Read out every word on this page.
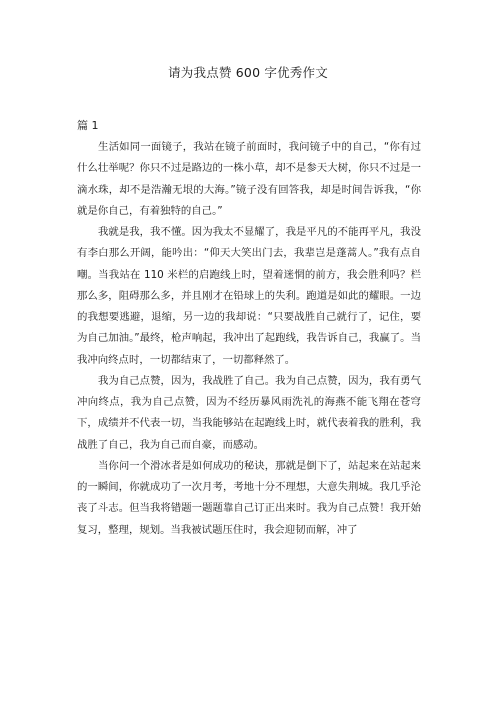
请为我点赞 600 字优秀作文
篇 1

生活如同一面镜子，我站在镜子前面时，我问镜子中的自己，“你有过什么壮举呢？你只不过是路边的一株小草，却不是参天大树，你只不过是一滴水珠，却不是浩瀚无垠的大海。”镜子没有回答我，却是时间告诉我，“你就是你自己，有着独特的自己。”

我就是我，我不懂。因为我太不显耀了，我是平凡的不能再平凡，我没有李白那么开阔，能吟出：“仰天大笑出门去，我辈岂是蓬蒿人。”我有点自嘲。当我站在 110 米栏的启跑线上时，望着迷惘的前方，我会胜利吗？栏那么多，阻碍那么多，并且刚才在铅球上的失利。跑道是如此的耀眼。一边的我想要逃避，退缩，另一边的我却说：“只要战胜自己就行了，记住，要为自己加油。”最终，枪声响起，我冲出了起跑线，我告诉自己，我赢了。当我冲向终点时，一切都结束了，一切都释然了。

我为自己点赞，因为，我战胜了自己。我为自己点赞，因为，我有勇气冲向终点，我为自己点赞，因为不经历暴风雨洗礼的海燕不能飞翔在苍穹下，成绩并不代表一切，当我能够站在起跑线上时，就代表着我的胜利，我战胜了自己，我为自己而自豪，而感动。

当你问一个滑冰者是如何成功的秘诀，那就是倒下了，站起来在站起来的一瞬间，你就成功了一次月考，考地十分不理想，大意失荆城。我几乎沦丧了斗志。但当我将错题一题题靠自己订正出来时。我为自己点赞！我开始复习，整理，规划。当我被试题压住时，我会迎韧而解，冲了
